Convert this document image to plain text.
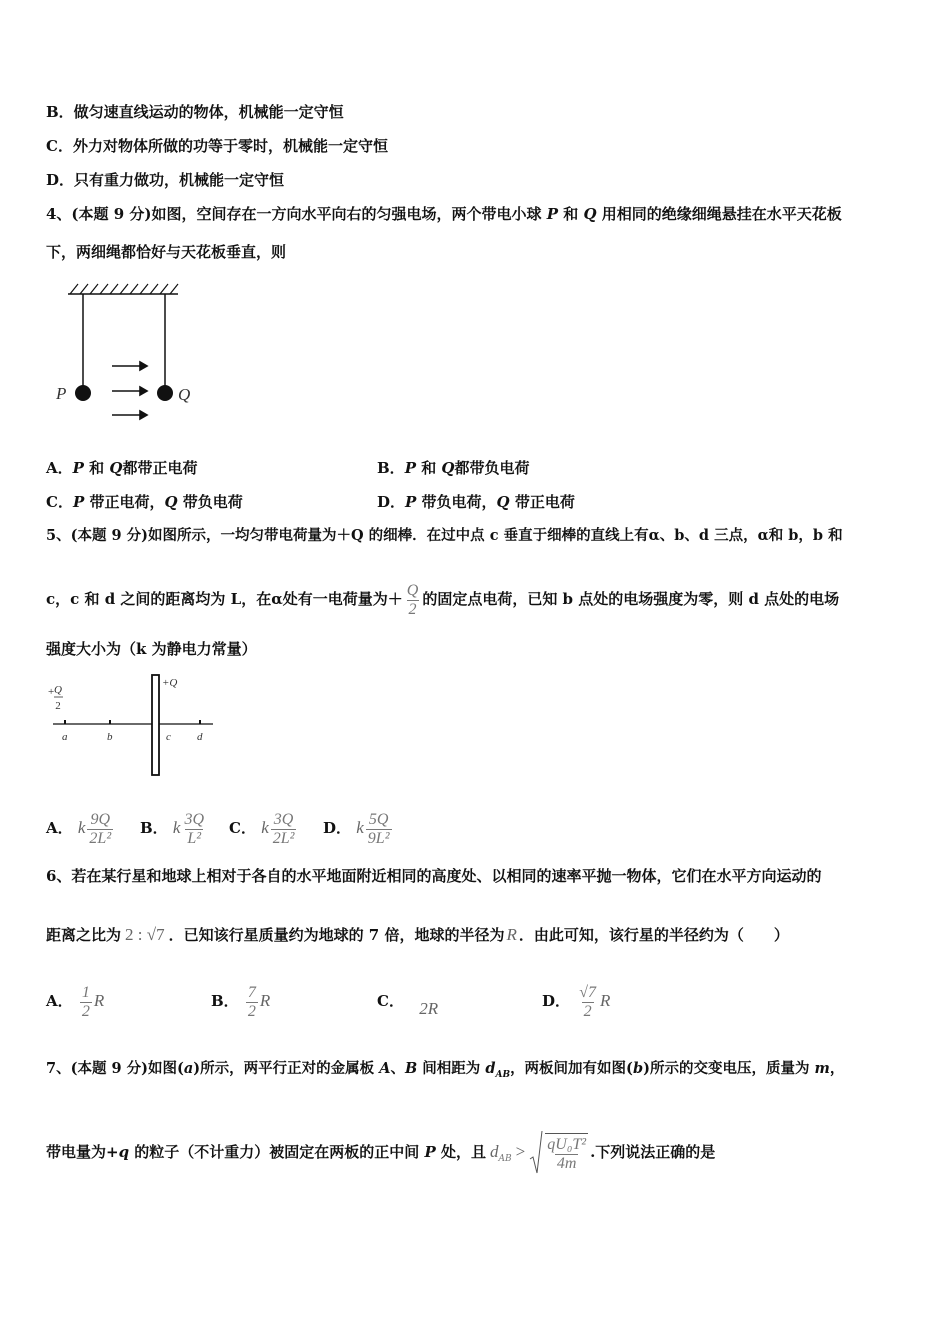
B．做匀速直线运动的物体，机械能一定守恒
C．外力对物体所做的功等于零时，机械能一定守恒
D．只有重力做功，机械能一定守恒
4、(本题 9 分)如图，空间存在一方向水平向右的匀强电场，两个带电小球 P 和 Q 用相同的绝缘细绳悬挂在水平天花板
下，两细绳都恰好与天花板垂直，则
P	Q
A．P 和 Q都带正电荷	B．P 和 Q都带负电荷
C．P 带正电荷，Q 带负电荷	D．P 带负电荷，Q 带正电荷
5、(本题 9 分)如图所示，一均匀带电荷量为＋Q 的细棒．在过中点 c 垂直于细棒的直线上有α、b、d 三点，α和 b，b 和
c，c 和 d 之间的距离均为 L，在α处有一电荷量为＋ $\frac{Q}{2}$ 的固定点电荷，已知 b 点处的电场强度为零，则 d 点处的电场
强度大小为（k 为静电力常量）
+ Q
2
+Q
a	b	c d
A． k $\frac{9Q}{\text{2L²}}$ B． k $\frac{3Q}{\text{L²}}$ C． k $\frac{3Q}{\text{2L²}}$ D． k $\frac{5Q}{\text{9L²}}$
6、若在某行星和地球上相对于各自的水平地面附近相同的高度处、以相同的速率平抛一物体，它们在水平方向运动的
距离之比为 2 : √7 ．已知该行星质量约为地球的 7 倍，地球的半径为 R ．由此可知，该行星的半径约为（　　）
A． $\frac{1}{2}$ R	B． $\frac{7}{2}$ R	C． 2R	D． $\frac{√7}{2}$ R
7、(本题 9 分)如图(a)所示，两平行正对的金属板 A、B 间相距为 $d_{AB}$，两板间加有如图(b)所示的交变电压，质量为 m，
带电量为+q 的粒子（不计重力）被固定在两板的正中间 P 处，且 $d_{AB} > \frac{\text{qU₀T²}}{4m}$ .下列说法正确的是
